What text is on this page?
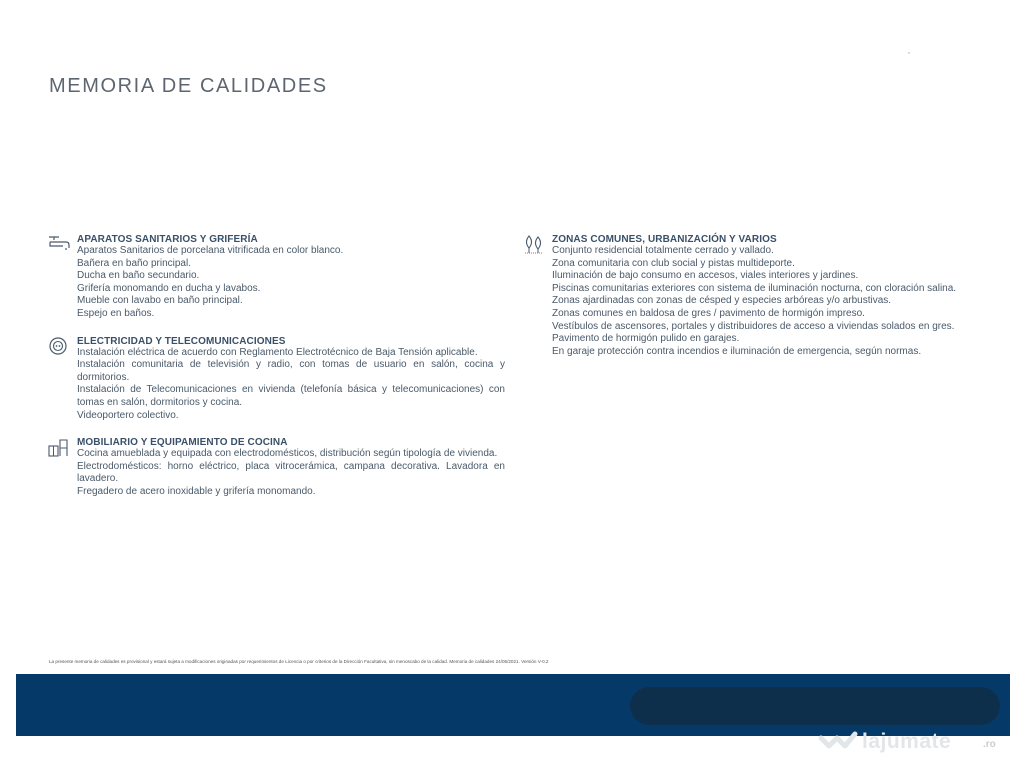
MEMORIA DE CALIDADES
APARATOS SANITARIOS Y GRIFERÍA
Aparatos Sanitarios de porcelana vitrificada en color blanco.
Bañera en baño principal.
Ducha en baño secundario.
Grifería monomando en ducha y lavabos.
Mueble con lavabo en baño principal.
Espejo en baños.
ELECTRICIDAD Y TELECOMUNICACIONES
Instalación eléctrica de acuerdo con Reglamento Electrotécnico de Baja Tensión aplicable.
Instalación comunitaria de televisión y radio, con tomas de usuario en salón, cocina y dormitorios.
Instalación de Telecomunicaciones en vivienda (telefonía básica y telecomunicaciones) con tomas en salón, dormitorios y cocina.
Videoportero colectivo.
MOBILIARIO Y EQUIPAMIENTO DE COCINA
Cocina amueblada y equipada con electrodomésticos, distribución según tipología de vivienda.
Electrodomésticos: horno eléctrico, placa vitrocerámica, campana decorativa. Lavadora en lavadero.
Fregadero de acero inoxidable y grifería monomando.
ZONAS COMUNES, URBANIZACIÓN Y VARIOS
Conjunto residencial totalmente cerrado y vallado.
Zona comunitaria con club social y pistas multideporte.
Iluminación de bajo consumo en accesos, viales interiores y jardines.
Piscinas comunitarias exteriores con sistema de iluminación nocturna, con cloración salina.
Zonas ajardinadas con zonas de césped y especies arbóreas y/o arbustivas.
Zonas comunes en baldosa de gres / pavimento de hormigón impreso.
Vestíbulos de ascensores, portales y distribuidores de acceso a viviendas solados en gres.
Pavimento de hormigón pulido en garajes.
En garaje protección contra incendios e iluminación de emergencia, según normas.
La presente memoria de calidades es provisional y estará sujeta a modificaciones originadas por requerimientos de Licencia o por criterios de la Dirección Facultativa, sin menoscabo de la calidad. Memoria de calidades 24/05/2021. Versión V-0.2
lajumate	.ro
